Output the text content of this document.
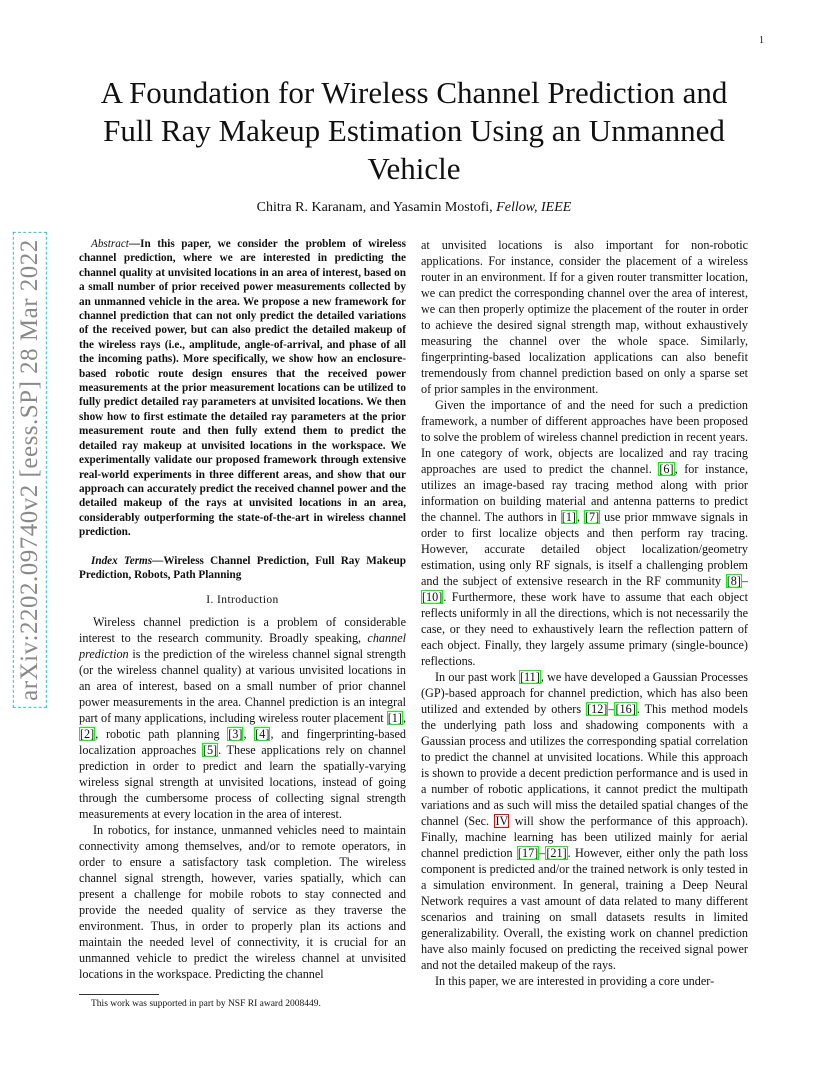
1
arXiv:2202.09740v2 [eess.SP] 28 Mar 2022
A Foundation for Wireless Channel Prediction and Full Ray Makeup Estimation Using an Unmanned Vehicle
Chitra R. Karanam, and Yasamin Mostofi, Fellow, IEEE

Abstract—In this paper, we consider the problem of wireless channel prediction, where we are interested in predicting the channel quality at unvisited locations in an area of interest, based on a small number of prior received power measurements collected by an unmanned vehicle in the area. We propose a new framework for channel prediction that can not only predict the detailed variations of the received power, but can also predict the detailed makeup of the wireless rays (i.e., amplitude, angle-of-arrival, and phase of all the incoming paths). More specifically, we show how an enclosure-based robotic route design ensures that the received power measurements at the prior measurement locations can be utilized to fully predict detailed ray parameters at unvisited locations. We then show how to first estimate the detailed ray parameters at the prior measurement route and then fully extend them to predict the detailed ray makeup at unvisited locations in the workspace. We experimentally validate our proposed framework through extensive real-world experiments in three different areas, and show that our approach can accurately predict the received channel power and the detailed makeup of the rays at unvisited locations in an area, considerably outperforming the state-of-the-art in wireless channel prediction.

Index Terms—Wireless Channel Prediction, Full Ray Makeup Prediction, Robots, Path Planning

I. Introduction

Wireless channel prediction is a problem of considerable interest to the research community. Broadly speaking, channel prediction is the prediction of the wireless channel signal strength (or the wireless channel quality) at various unvisited locations in an area of interest, based on a small number of prior channel power measurements in the area. Channel prediction is an integral part of many applications, including wireless router placement [1], [2], robotic path planning [3], [4], and fingerprinting-based localization approaches [5]. These applications rely on channel prediction in order to predict and learn the spatially-varying wireless signal strength at unvisited locations, instead of going through the cumbersome process of collecting signal strength measurements at every location in the area of interest.

In robotics, for instance, unmanned vehicles need to maintain connectivity among themselves, and/or to remote operators, in order to ensure a satisfactory task completion. The wireless channel signal strength, however, varies spatially, which can present a challenge for mobile robots to stay connected and provide the needed quality of service as they traverse the environment. Thus, in order to properly plan its actions and maintain the needed level of connectivity, it is crucial for an unmanned vehicle to predict the wireless channel at unvisited locations in the workspace. Predicting the channel

at unvisited locations is also important for non-robotic applications. For instance, consider the placement of a wireless router in an environment. If for a given router transmitter location, we can predict the corresponding channel over the area of interest, we can then properly optimize the placement of the router in order to achieve the desired signal strength map, without exhaustively measuring the channel over the whole space. Similarly, fingerprinting-based localization applications can also benefit tremendously from channel prediction based on only a sparse set of prior samples in the environment.

Given the importance of and the need for such a prediction framework, a number of different approaches have been proposed to solve the problem of wireless channel prediction in recent years. In one category of work, objects are localized and ray tracing approaches are used to predict the channel. [6], for instance, utilizes an image-based ray tracing method along with prior information on building material and antenna patterns to predict the channel. The authors in [1], [7] use prior mmwave signals in order to first localize objects and then perform ray tracing. However, accurate detailed object localization/geometry estimation, using only RF signals, is itself a challenging problem and the subject of extensive research in the RF community [8]–[10]. Furthermore, these work have to assume that each object reflects uniformly in all the directions, which is not necessarily the case, or they need to exhaustively learn the reflection pattern of each object. Finally, they largely assume primary (single-bounce) reflections.

In our past work [11], we have developed a Gaussian Processes (GP)-based approach for channel prediction, which has also been utilized and extended by others [12]–[16]. This method models the underlying path loss and shadowing components with a Gaussian process and utilizes the corresponding spatial correlation to predict the channel at unvisited locations. While this approach is shown to provide a decent prediction performance and is used in a number of robotic applications, it cannot predict the multipath variations and as such will miss the detailed spatial changes of the channel (Sec. IV will show the performance of this approach). Finally, machine learning has been utilized mainly for aerial channel prediction [17]–[21]. However, either only the path loss component is predicted and/or the trained network is only tested in a simulation environment. In general, training a Deep Neural Network requires a vast amount of data related to many different scenarios and training on small datasets results in limited generalizability. Overall, the existing work on channel prediction have also mainly focused on predicting the received signal power and not the detailed makeup of the rays.

In this paper, we are interested in providing a core under-

This work was supported in part by NSF RI award 2008449.
